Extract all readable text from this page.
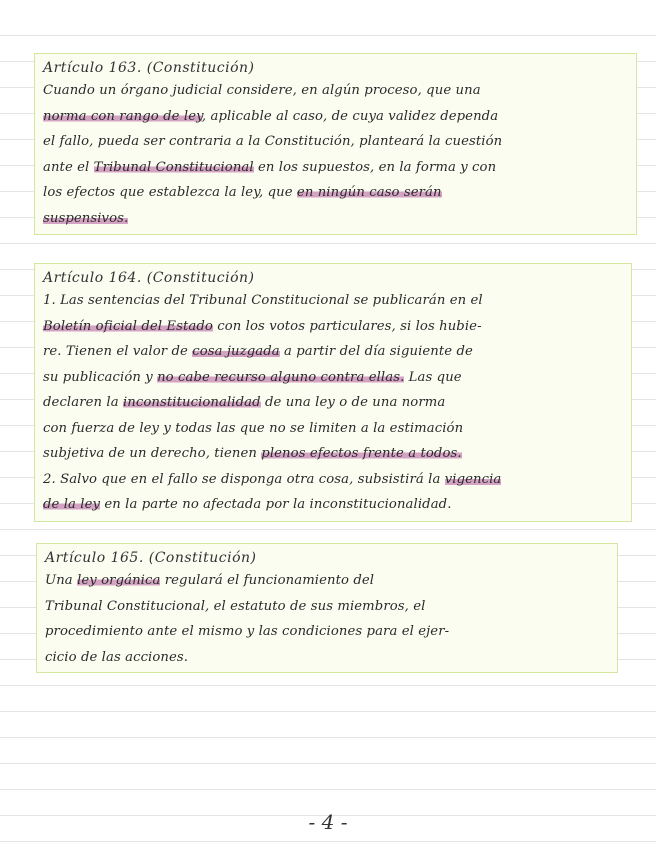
Artículo 163. (Constitución)
Cuando un órgano judicial considere, en algún proceso, que una
norma con rango de ley, aplicable al caso, de cuya validez dependa
el fallo, pueda ser contraria a la Constitución, planteará la cuestión
ante el Tribunal Constitucional en los supuestos, en la forma y con
los efectos que establezca la ley, que en ningún caso serán
suspensivos.
Artículo 164. (Constitución)
1. Las sentencias del Tribunal Constitucional se publicarán en el
Boletín oficial del Estado con los votos particulares, si los hubie-
re. Tienen el valor de cosa juzgada a partir del día siguiente de
su publicación y no cabe recurso alguno contra ellas. Las que
declaren la inconstitucionalidad de una ley o de una norma
con fuerza de ley y todas las que no se limiten a la estimación
subjetiva de un derecho, tienen plenos efectos frente a todos.
2. Salvo que en el fallo se disponga otra cosa, subsistirá la vigencia
de la ley en la parte no afectada por la inconstitucionalidad.
Artículo 165. (Constitución)
Una ley orgánica regulará el funcionamiento del
Tribunal Constitucional, el estatuto de sus miembros, el
procedimiento ante el mismo y las condiciones para el ejer-
cicio de las acciones.
- 4 -
